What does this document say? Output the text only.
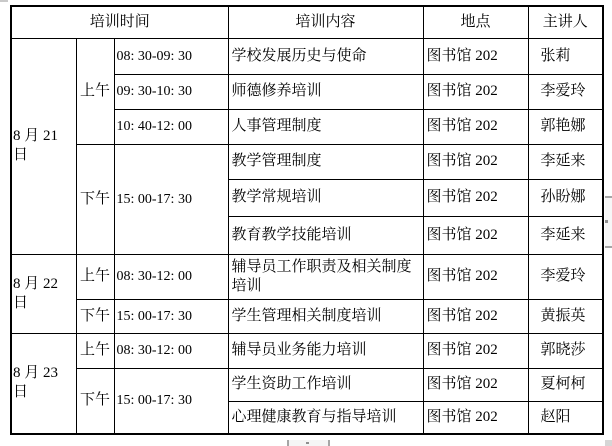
培训时间			培训内容	地点	主讲人
8 月 21 日	上午	08: 30-09: 30	学校发展历史与使命	图书馆 202	张莉
		09: 30-10: 30	师德修养培训	图书馆 202	李爱玲
		10: 40-12: 00	人事管理制度	图书馆 202	郭艳娜
	下午	15: 00-17: 30	教学管理制度	图书馆 202	李延来
			教学常规培训	图书馆 202	孙盼娜
			教育教学技能培训	图书馆 202	李延来
8 月 22 日	上午	08: 30-12: 00	辅导员工作职责及相关制度培训	图书馆 202	李爱玲
	下午	15: 00-17: 30	学生管理相关制度培训	图书馆 202	黄振英
8 月 23 日	上午	08: 30-12: 00	辅导员业务能力培训	图书馆 202	郭晓莎
	下午	15: 00-17: 30	学生资助工作培训	图书馆 202	夏柯柯
			心理健康教育与指导培训	图书馆 202	赵阳
